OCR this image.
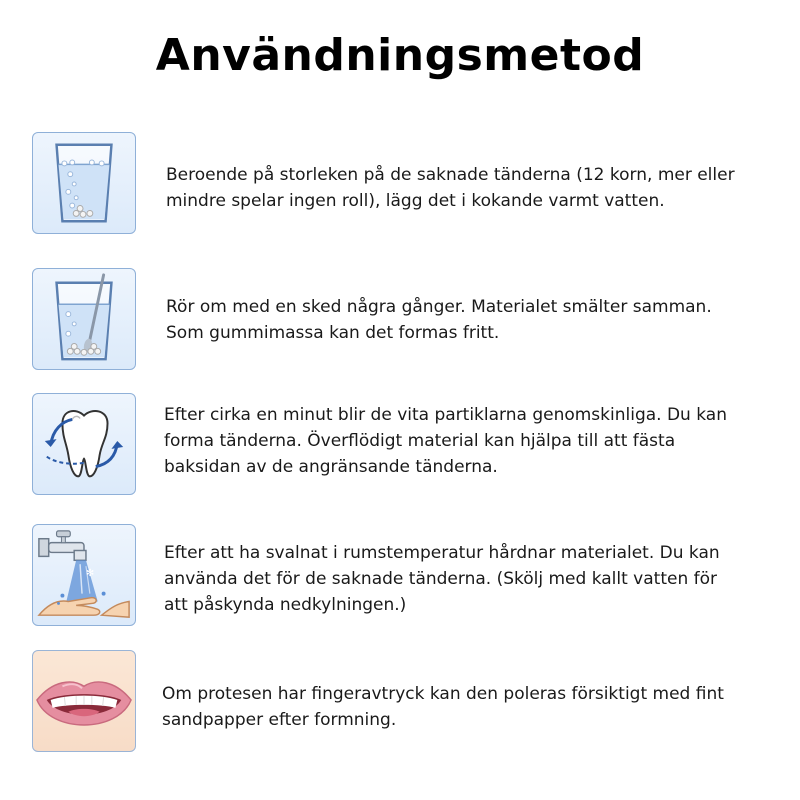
Användningsmetod
Beroende på storleken på de saknade tänderna (12 korn, mer eller mindre spelar ingen roll), lägg det i kokande varmt vatten.
Rör om med en sked några gånger. Materialet smälter samman. Som gummimassa kan det formas fritt.
Efter cirka en minut blir de vita partiklarna genomskinliga. Du kan forma tänderna. Överflödigt material kan hjälpa till att fästa baksidan av de angränsande tänderna.
✻
Efter att ha svalnat i rumstemperatur hårdnar materialet. Du kan använda det för de saknade tänderna. (Skölj med kallt vatten för att påskynda nedkylningen.)
Om protesen har fingeravtryck kan den poleras försiktigt med fint sandpapper efter formning.
